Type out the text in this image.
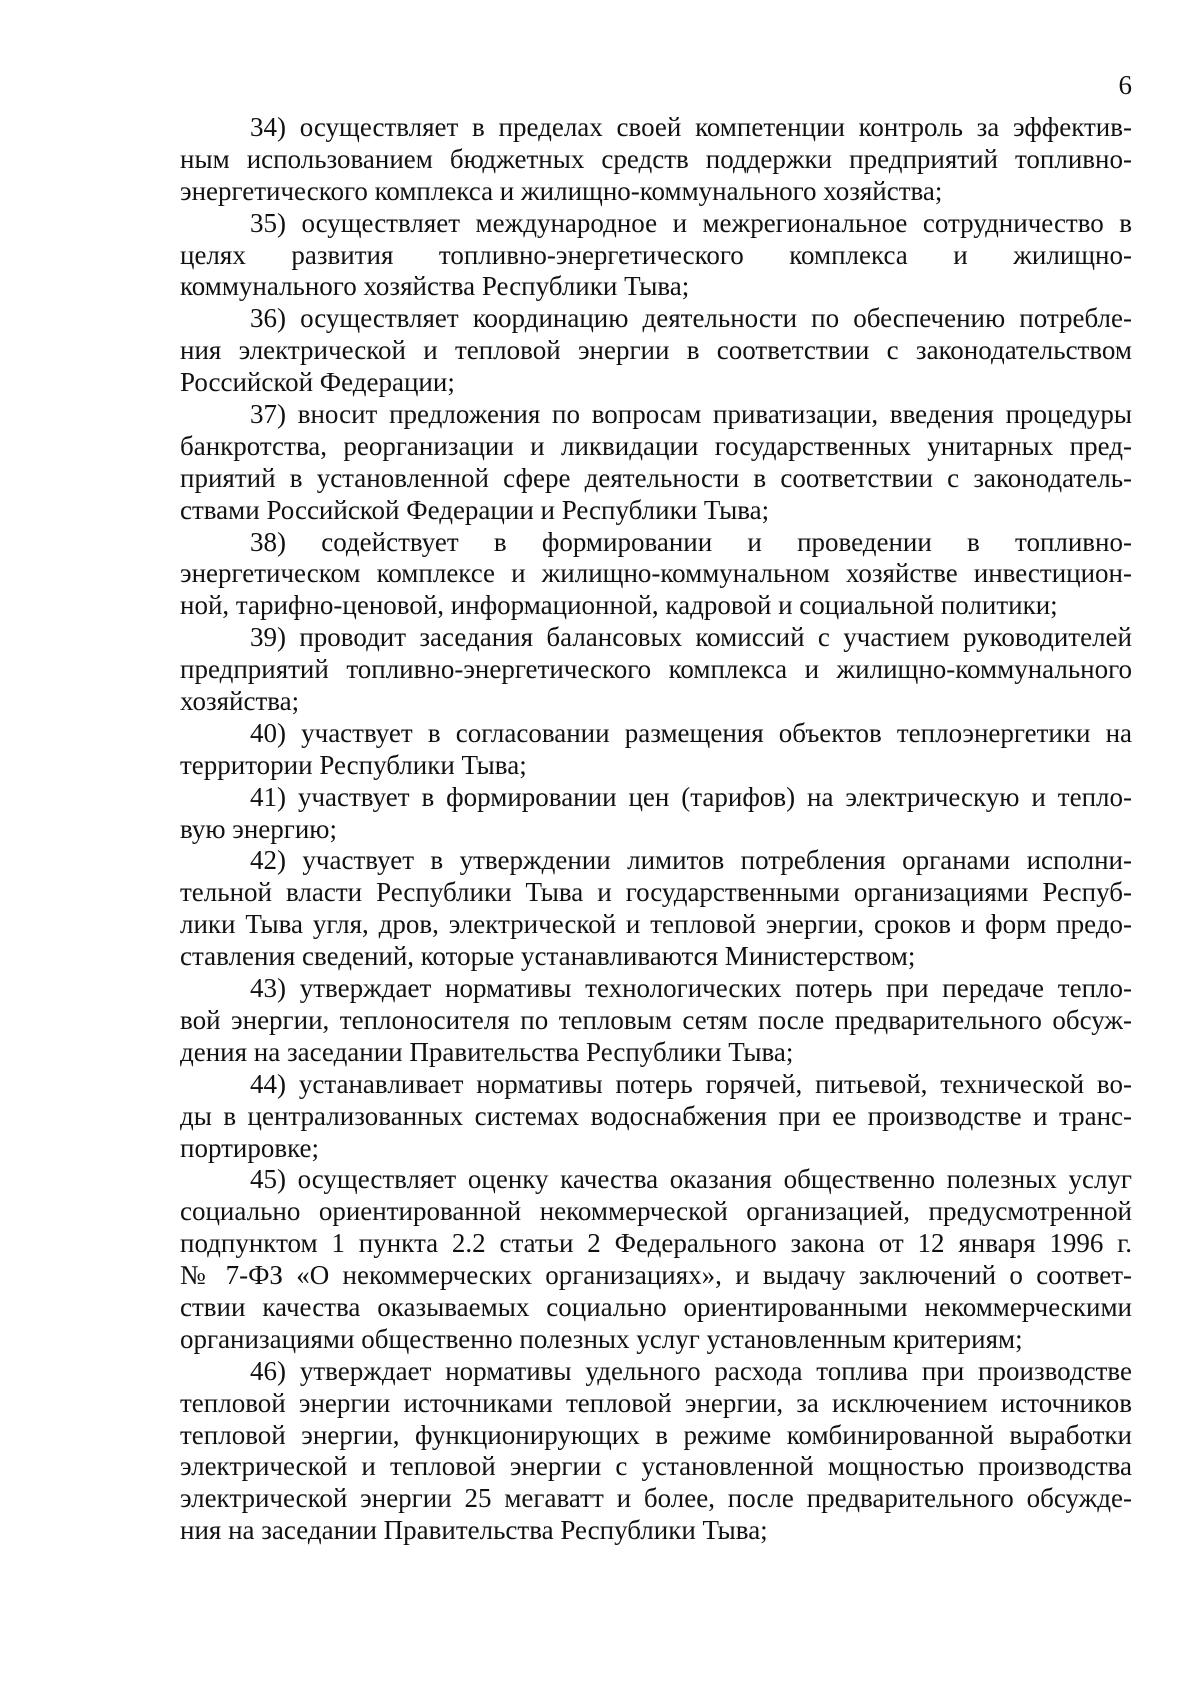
6
34) осуществляет в пределах своей компетенции контроль за эффектив-
ным использованием бюджетных средств поддержки предприятий топливно-
энергетического комплекса и жилищно-коммунального хозяйства;
35) осуществляет международное и межрегиональное сотрудничество в
целях развития топливно-энергетического комплекса и жилищно-
коммунального хозяйства Республики Тыва;
36) осуществляет координацию деятельности по обеспечению потребле-
ния электрической и тепловой энергии в соответствии с законодательством
Российской Федерации;
37) вносит предложения по вопросам приватизации, введения процедуры
банкротства, реорганизации и ликвидации государственных унитарных пред-
приятий в установленной сфере деятельности в соответствии с законодатель-
ствами Российской Федерации и Республики Тыва;
38) содействует в формировании и проведении в топливно-
энергетическом комплексе и жилищно-коммунальном хозяйстве инвестицион-
ной, тарифно-ценовой, информационной, кадровой и социальной политики;
39) проводит заседания балансовых комиссий с участием руководителей
предприятий топливно-энергетического комплекса и жилищно-коммунального
хозяйства;
40) участвует в согласовании размещения объектов теплоэнергетики на
территории Республики Тыва;
41) участвует в формировании цен (тарифов) на электрическую и тепло-
вую энергию;
42) участвует в утверждении лимитов потребления органами исполни-
тельной власти Республики Тыва и государственными организациями Респуб-
лики Тыва угля, дров, электрической и тепловой энергии, сроков и форм предо-
ставления сведений, которые устанавливаются Министерством;
43) утверждает нормативы технологических потерь при передаче тепло-
вой энергии, теплоносителя по тепловым сетям после предварительного обсуж-
дения на заседании Правительства Республики Тыва;
44) устанавливает нормативы потерь горячей, питьевой, технической во-
ды в централизованных системах водоснабжения при ее производстве и транс-
портировке;
45) осуществляет оценку качества оказания общественно полезных услуг
социально ориентированной некоммерческой организацией, предусмотренной
подпунктом 1 пункта 2.2 статьи 2 Федерального закона от 12 января 1996 г.
№ 7-ФЗ «О некоммерческих организациях», и выдачу заключений о соответ-
ствии качества оказываемых социально ориентированными некоммерческими
организациями общественно полезных услуг установленным критериям;
46) утверждает нормативы удельного расхода топлива при производстве
тепловой энергии источниками тепловой энергии, за исключением источников
тепловой энергии, функционирующих в режиме комбинированной выработки
электрической и тепловой энергии с установленной мощностью производства
электрической энергии 25 мегаватт и более, после предварительного обсужде-
ния на заседании Правительства Республики Тыва;
